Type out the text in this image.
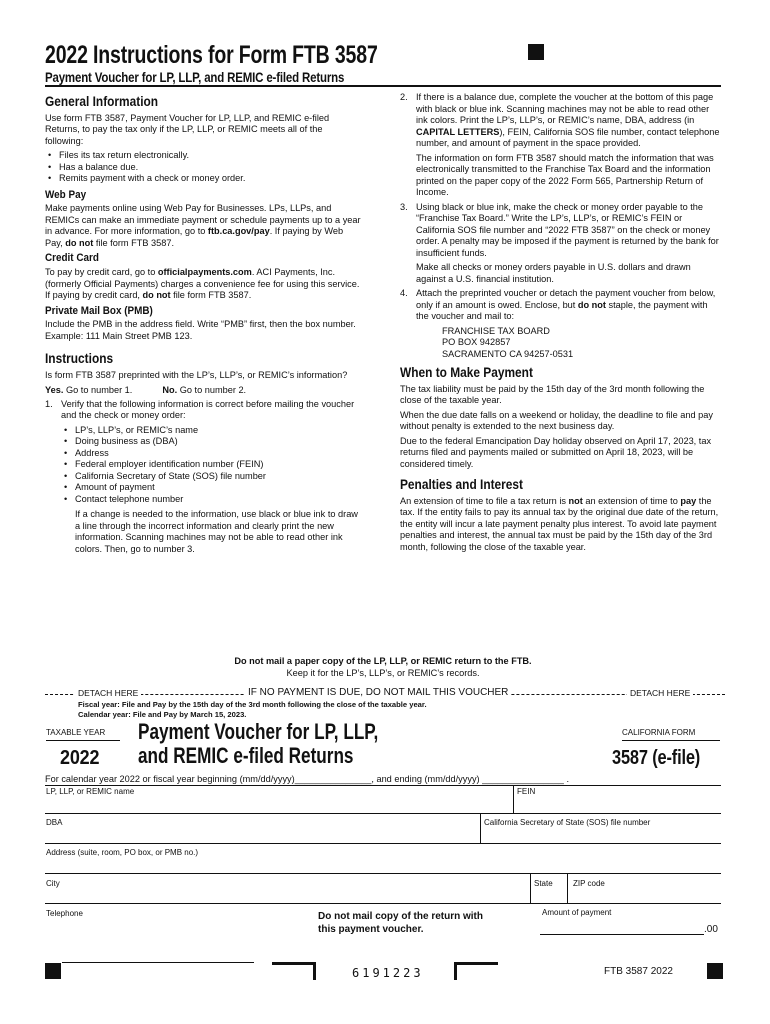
2022 Instructions for Form FTB 3587
Payment Voucher for LP, LLP, and REMIC e-filed Returns
General Information

Use form FTB 3587, Payment Voucher for LP, LLP, and REMIC e-filed Returns, to pay the tax only if the LP, LLP, or REMIC meets all of the following:

• Files its tax return electronically.
• Has a balance due.
• Remits payment with a check or money order.
Web Pay

Make payments online using Web Pay for Businesses. LPs, LLPs, and REMICs can make an immediate payment or schedule payments up to a year in advance. For more information, go to ftb.ca.gov/pay. If paying by Web Pay, do not file form FTB 3587.

Credit Card

To pay by credit card, go to officialpayments.com. ACI Payments, Inc. (formerly Official Payments) charges a convenience fee for using this service. If paying by credit card, do not file form FTB 3587.

Private Mail Box (PMB)

Include the PMB in the address field. Write “PMB” first, then the box number. Example: 111 Main Street PMB 123.

Instructions

Is form FTB 3587 preprinted with the LP’s, LLP’s, or REMIC’s information?

Yes. Go to number 1.	No. Go to number 2.
1. Verify that the following information is correct before mailing the voucher and the check or money order:

• LP’s, LLP’s, or REMIC’s name
• Doing business as (DBA)
• Address
• Federal employer identification number (FEIN)
• California Secretary of State (SOS) file number
• Amount of payment
• Contact telephone number

If a change is needed to the information, use black or blue ink to draw a line through the incorrect information and clearly print the new information. Scanning machines may not be able to read other ink colors. Then, go to number 3.

2. If there is a balance due, complete the voucher at the bottom of this page with black or blue ink. Scanning machines may not be able to read other ink colors. Print the LP’s, LLP’s, or REMIC’s name, DBA, address (in CAPITAL LETTERS), FEIN, California SOS file number, contact telephone number, and amount of payment in the space provided.

The information on form FTB 3587 should match the information that was electronically transmitted to the Franchise Tax Board and the information printed on the paper copy of the 2022 Form 565, Partnership Return of Income.

3. Using black or blue ink, make the check or money order payable to the “Franchise Tax Board.” Write the LP’s, LLP’s, or REMIC’s FEIN or California SOS file number and “2022 FTB 3587” on the check or money order. A penalty may be imposed if the payment is returned by the bank for insufficient funds.

Make all checks or money orders payable in U.S. dollars and drawn against a U.S. financial institution.

4. Attach the preprinted voucher or detach the payment voucher from below, only if an amount is owed. Enclose, but do not staple, the payment with the voucher and mail to:

FRANCHISE TAX BOARD
PO BOX 942857
SACRAMENTO CA 94257-0531
When to Make Payment

The tax liability must be paid by the 15th day of the 3rd month following the close of the taxable year.

When the due date falls on a weekend or holiday, the deadline to file and pay without penalty is extended to the next business day.

Due to the federal Emancipation Day holiday observed on April 17, 2023, tax returns filed and payments mailed or submitted on April 18, 2023, will be considered timely.

Penalties and Interest

An extension of time to file a tax return is not an extension of time to pay the tax. If the entity fails to pay its annual tax by the original due date of the return, the entity will incur a late payment penalty plus interest. To avoid late payment penalties and interest, the annual tax must be paid by the 15th day of the 3rd month, following the close of the taxable year.

Do not mail a paper copy of the LP, LLP, or REMIC return to the FTB.
Keep it for the LP’s, LLP’s, or REMIC’s records.
DETACH HERE	IF NO PAYMENT IS DUE, DO NOT MAIL THIS VOUCHER	DETACH HERE
Fiscal year: File and Pay by the 15th day of the 3rd month following the close of the taxable year.
Calendar year: File and Pay by March 15, 2023.
TAXABLE YEAR
2022
Payment Voucher for LP, LLP,
and REMIC e-filed Returns
CALIFORNIA FORM
3587 (e-file)
For calendar year 2022 or fiscal year beginning (mm/dd/yyyy)_______________, and ending (mm/dd/yyyy) ________________ .
LP, LLP, or REMIC name	FEIN
DBA	California Secretary of State (SOS) file number
Address (suite, room, PO box, or PMB no.)
City	State	ZIP code
Telephone	Do not mail copy of the return with this payment voucher.
Amount of payment
.00
6191223	FTB 3587 2022
